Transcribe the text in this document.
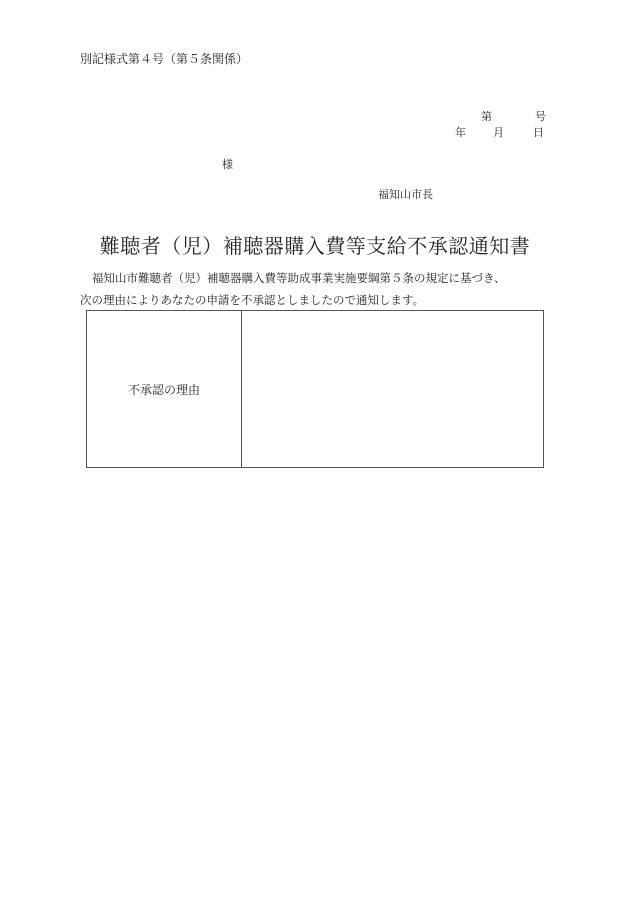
別記様式第４号（第５条関係）
第	号
年 月	日
様
福知山市長
難聴者（児）補聴器購入費等支給不承認通知書
福知山市難聴者（児）補聴器購入費等助成事業実施要綱第５条の規定に基づき、
次の理由によりあなたの申請を不承認としましたので通知します。
不承認の理由	
